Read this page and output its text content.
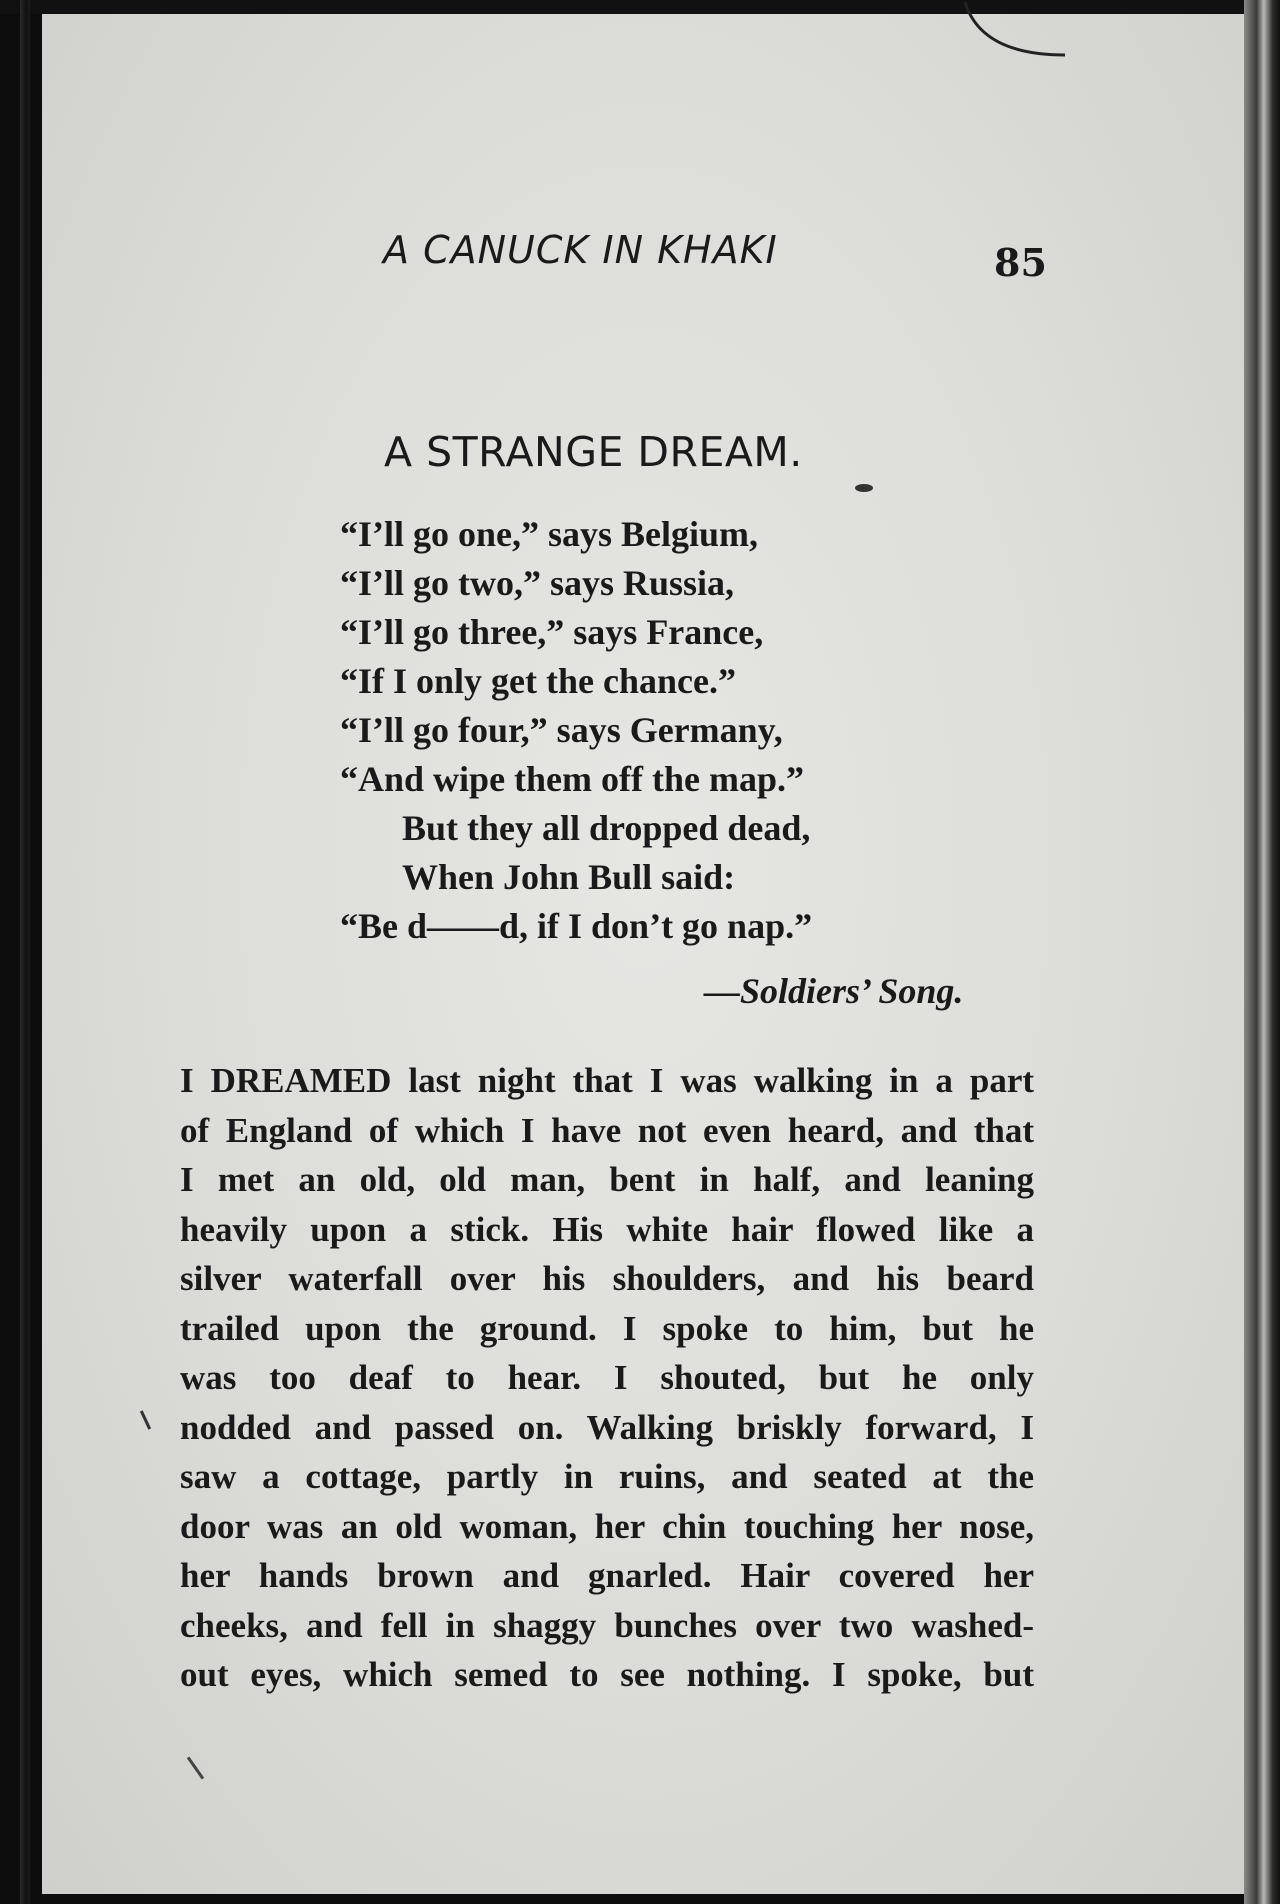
A CANUCK IN KHAKI	85

A STRANGE DREAM.
“I’ll go one,” says Belgium,
“I’ll go two,” says Russia,
“I’ll go three,” says France,
“If I only get the chance.”
“I’ll go four,” says Germany,
“And wipe them off the map.”
But they all dropped dead,
When John Bull said:
“Be d——d, if I don’t go nap.”

—Soldiers’ Song.

I DREAMED last night that I was walking in a part
of England of which I have not even heard, and that
I met an old, old man, bent in half, and leaning
heavily upon a stick. His white hair flowed like a
silver waterfall over his shoulders, and his beard
trailed upon the ground. I spoke to him, but he
was too deaf to hear. I shouted, but he only
nodded and passed on. Walking briskly forward, I
saw a cottage, partly in ruins, and seated at the
door was an old woman, her chin touching her nose,
her hands brown and gnarled. Hair covered her
cheeks, and fell in shaggy bunches over two washed-
out eyes, which semed to see nothing. I spoke, but
